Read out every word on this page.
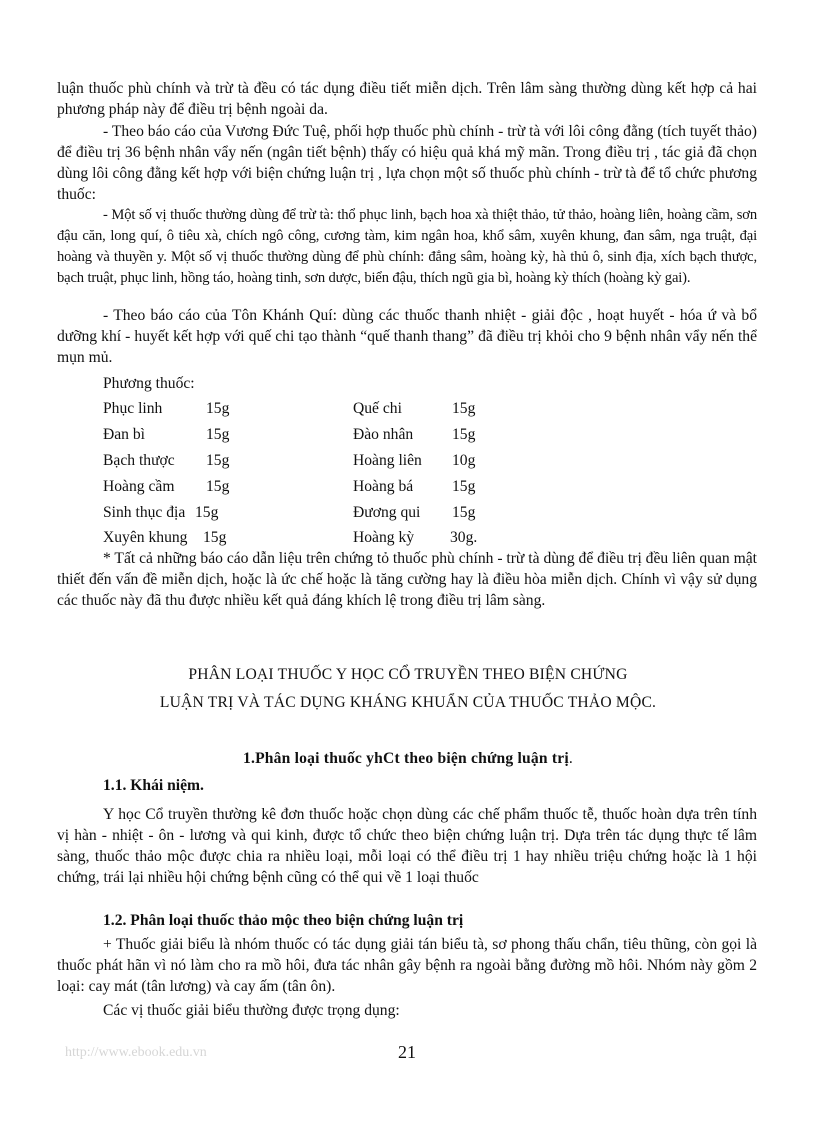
luận thuốc phù chính và trừ tà đều có tác dụng điều tiết miễn dịch. Trên lâm sàng thường dùng kết hợp cả hai phương pháp này để điều trị bệnh ngoài da.

- Theo báo cáo của Vương Đức Tuệ, phối hợp thuốc phù chính - trừ tà với lôi công đằng (tích tuyết thảo) để điều trị 36 bệnh nhân vẩy nến (ngân tiết bệnh) thấy có hiệu quả khá mỹ mãn. Trong điều trị , tác giả đã chọn dùng lôi công đằng kết hợp với biện chứng luận trị , lựa chọn một số thuốc phù chính - trừ tà để tổ chức phương thuốc:

- Một số vị thuốc thường dùng để trừ tà: thổ phục linh, bạch hoa xà thiệt thảo, tử thảo, hoàng liên, hoàng cầm, sơn đậu căn, long quí, ô tiêu xà, chích ngô công, cương tàm, kim ngân hoa, khổ sâm, xuyên khung, đan sâm, nga truật, đại hoàng và thuyền y. Một số vị thuốc thường dùng để phù chính: đẳng sâm, hoàng kỳ, hà thủ ô, sinh địa, xích bạch thược, bạch truật, phục linh, hồng táo, hoàng tinh, sơn dược, biển đậu, thích ngũ gia bì, hoàng kỳ thích (hoàng kỳ gai).

- Theo báo cáo của Tôn Khánh Quí: dùng các thuốc thanh nhiệt - giải độc , hoạt huyết - hóa ứ và bổ dưỡng khí - huyết kết hợp với quế chi tạo thành “quế thanh thang” đã điều trị khỏi cho 9 bệnh nhân vẩy nến thể mụn mủ.

Phương thuốc:
Phục linh	15g	Quế chi	15g
Đan bì	15g	Đào nhân 15g
Bạch thược 15g	Hoàng liên 10g
Hoàng cầm 15g	Hoàng bá 15g
Sinh thục địa 15g	Đương qui 15g
Xuyên khung 15g	Hoàng kỳ 30g.

* Tất cả những báo cáo dẫn liệu trên chứng tỏ thuốc phù chính - trừ tà dùng để điều trị đều liên quan mật thiết đến vấn đề miễn dịch, hoặc là ức chế hoặc là tăng cường hay là điều hòa miễn dịch. Chính vì vậy sử dụng các thuốc này đã thu được nhiều kết quả đáng khích lệ trong điều trị lâm sàng.

PHÂN LOẠI THUỐC Y HỌC CỔ TRUYỀN THEO BIỆN CHỨNG
LUẬN TRỊ VÀ TÁC DỤNG KHÁNG KHUẨN CỦA THUỐC THẢO MỘC.
1.Phân loại thuốc yhCt theo biện chứng luận trị.
1.1. Khái niệm.

Y học Cổ truyền thường kê đơn thuốc hoặc chọn dùng các chế phẩm thuốc tễ, thuốc hoàn dựa trên tính vị hàn - nhiệt - ôn - lương và qui kinh, được tổ chức theo biện chứng luận trị. Dựa trên tác dụng thực tế lâm sàng, thuốc thảo mộc được chia ra nhiều loại, mỗi loại có thể điều trị 1 hay nhiều triệu chứng hoặc là 1 hội chứng, trái lại nhiều hội chứng bệnh cũng có thể qui về 1 loại thuốc

1.2. Phân loại thuốc thảo mộc theo biện chứng luận trị

+ Thuốc giải biểu là nhóm thuốc có tác dụng giải tán biểu tà, sơ phong thấu chẩn, tiêu thũng, còn gọi là thuốc phát hãn vì nó làm cho ra mồ hôi, đưa tác nhân gây bệnh ra ngoài bằng đường mồ hôi. Nhóm này gồm 2 loại: cay mát (tân lương) và cay ấm (tân ôn).

Các vị thuốc giải biểu thường được trọng dụng:
http://www.ebook.edu.vn	21
